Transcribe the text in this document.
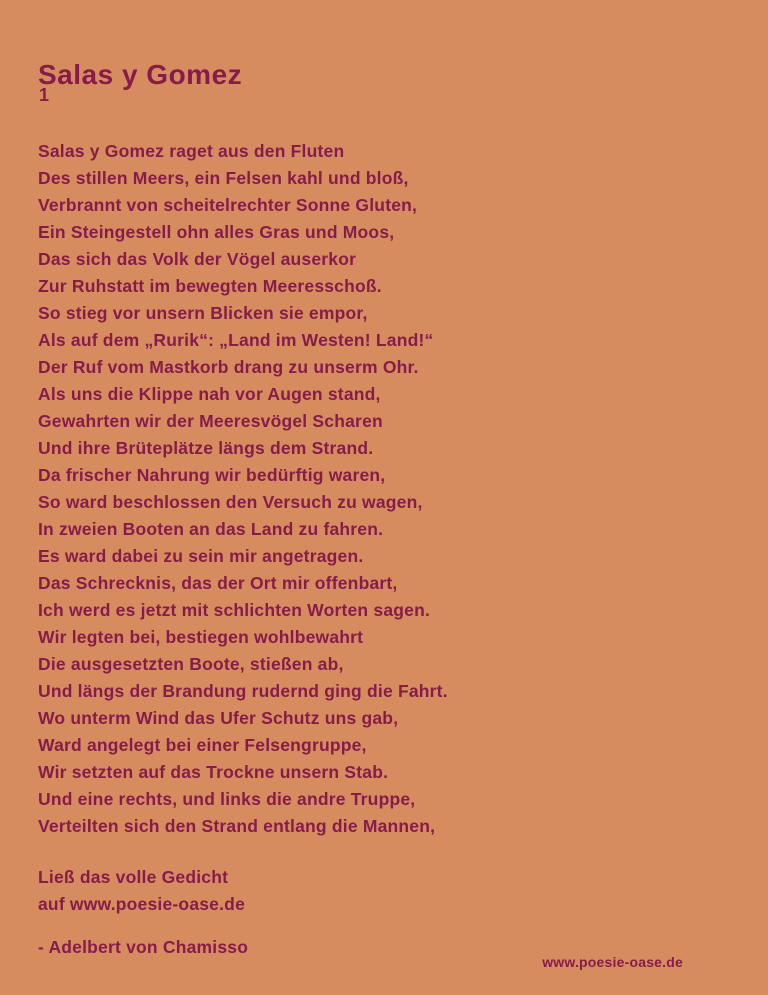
Salas y Gomez
1
Salas y Gomez raget aus den Fluten
Des stillen Meers, ein Felsen kahl und bloß,
Verbrannt von scheitelrechter Sonne Gluten,
Ein Steingestell ohn alles Gras und Moos,
Das sich das Volk der Vögel auserkor
Zur Ruhstatt im bewegten Meeresschoß.
So stieg vor unsern Blicken sie empor,
Als auf dem „Rurik“: „Land im Westen! Land!“
Der Ruf vom Mastkorb drang zu unserm Ohr.
Als uns die Klippe nah vor Augen stand,
Gewahrten wir der Meeresvögel Scharen
Und ihre Brüteplätze längs dem Strand.
Da frischer Nahrung wir bedürftig waren,
So ward beschlossen den Versuch zu wagen,
In zweien Booten an das Land zu fahren.
Es ward dabei zu sein mir angetragen.
Das Schrecknis, das der Ort mir offenbart,
Ich werd es jetzt mit schlichten Worten sagen.
Wir legten bei, bestiegen wohlbewahrt
Die ausgesetzten Boote, stießen ab,
Und längs der Brandung rudernd ging die Fahrt.
Wo unterm Wind das Ufer Schutz uns gab,
Ward angelegt bei einer Felsengruppe,
Wir setzten auf das Trockne unsern Stab.
Und eine rechts, und links die andre Truppe,
Verteilten sich den Strand entlang die Mannen,
Ließ das volle Gedicht
auf www.poesie-oase.de
- Adelbert von Chamisso
www.poesie-oase.de
